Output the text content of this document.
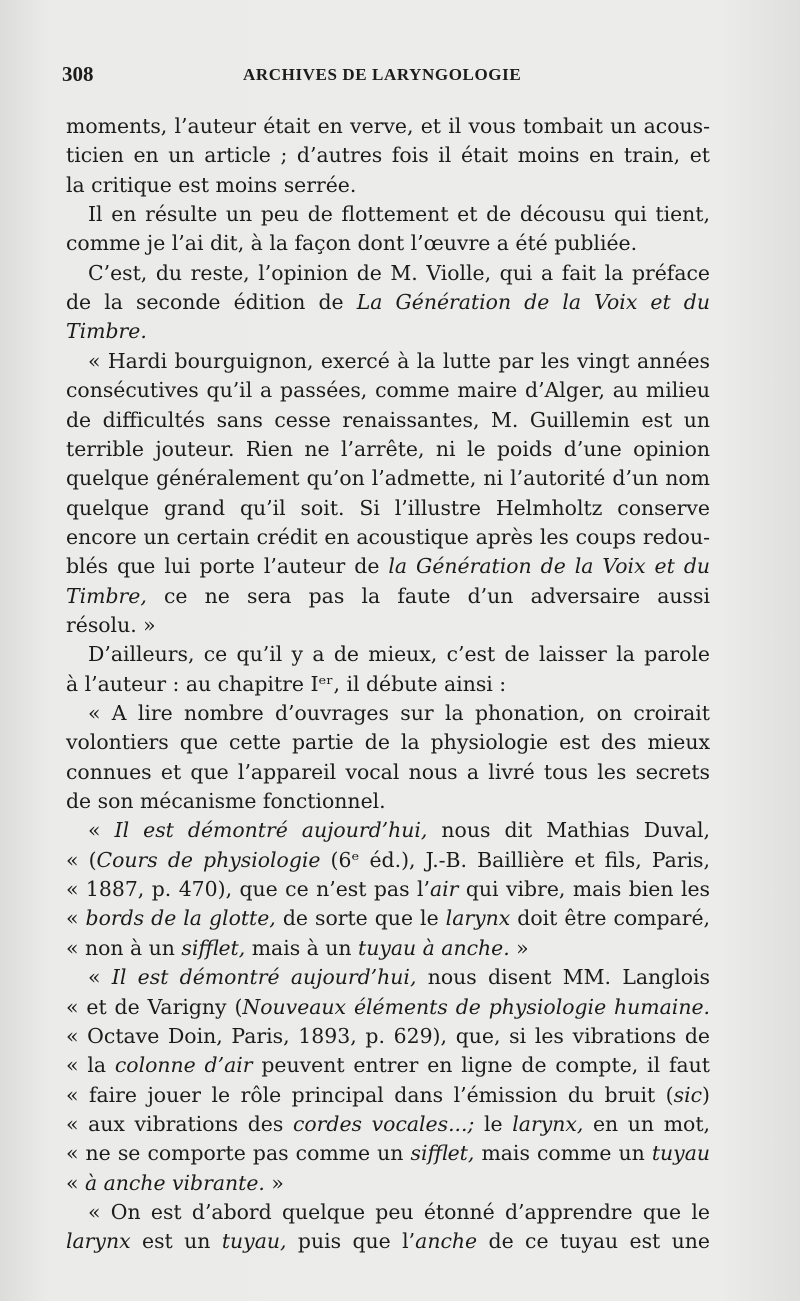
308	ARCHIVES DE LARYNGOLOGIE
moments, l’auteur était en verve, et il vous tombait un acous-
ticien en un article ; d’autres fois il était moins en train, et
la critique est moins serrée.
Il en résulte un peu de flottement et de décousu qui tient,
comme je l’ai dit, à la façon dont l’œuvre a été publiée.
C’est, du reste, l’opinion de M. Violle, qui a fait la préface
de la seconde édition de La Génération de la Voix et du
Timbre.
« Hardi bourguignon, exercé à la lutte par les vingt années
consécutives qu’il a passées, comme maire d’Alger, au milieu
de difficultés sans cesse renaissantes, M. Guillemin est un
terrible jouteur. Rien ne l’arrête, ni le poids d’une opinion
quelque généralement qu’on l’admette, ni l’autorité d’un nom
quelque grand qu’il soit. Si l’illustre Helmholtz conserve
encore un certain crédit en acoustique après les coups redou-
blés que lui porte l’auteur de la Génération de la Voix et du
Timbre, ce ne sera pas la faute d’un adversaire aussi
résolu. »
D’ailleurs, ce qu’il y a de mieux, c’est de laisser la parole
à l’auteur : au chapitre Iᵉʳ, il débute ainsi :
« A lire nombre d’ouvrages sur la phonation, on croirait
volontiers que cette partie de la physiologie est des mieux
connues et que l’appareil vocal nous a livré tous les secrets
de son mécanisme fonctionnel.
« Il est démontré aujourd’hui, nous dit Mathias Duval,
« (Cours de physiologie (6ᵉ éd.), J.-B. Baillière et fils, Paris,
« 1887, p. 470), que ce n’est pas l’air qui vibre, mais bien les
« bords de la glotte, de sorte que le larynx doit être comparé,
« non à un sifflet, mais à un tuyau à anche. »
« Il est démontré aujourd’hui, nous disent MM. Langlois
« et de Varigny (Nouveaux éléments de physiologie humaine.
« Octave Doin, Paris, 1893, p. 629), que, si les vibrations de
« la colonne d’air peuvent entrer en ligne de compte, il faut
« faire jouer le rôle principal dans l’émission du bruit (sic)
« aux vibrations des cordes vocales...; le larynx, en un mot,
« ne se comporte pas comme un sifflet, mais comme un tuyau
« à anche vibrante. »
« On est d’abord quelque peu étonné d’apprendre que le
larynx est un tuyau, puis que l’anche de ce tuyau est une
